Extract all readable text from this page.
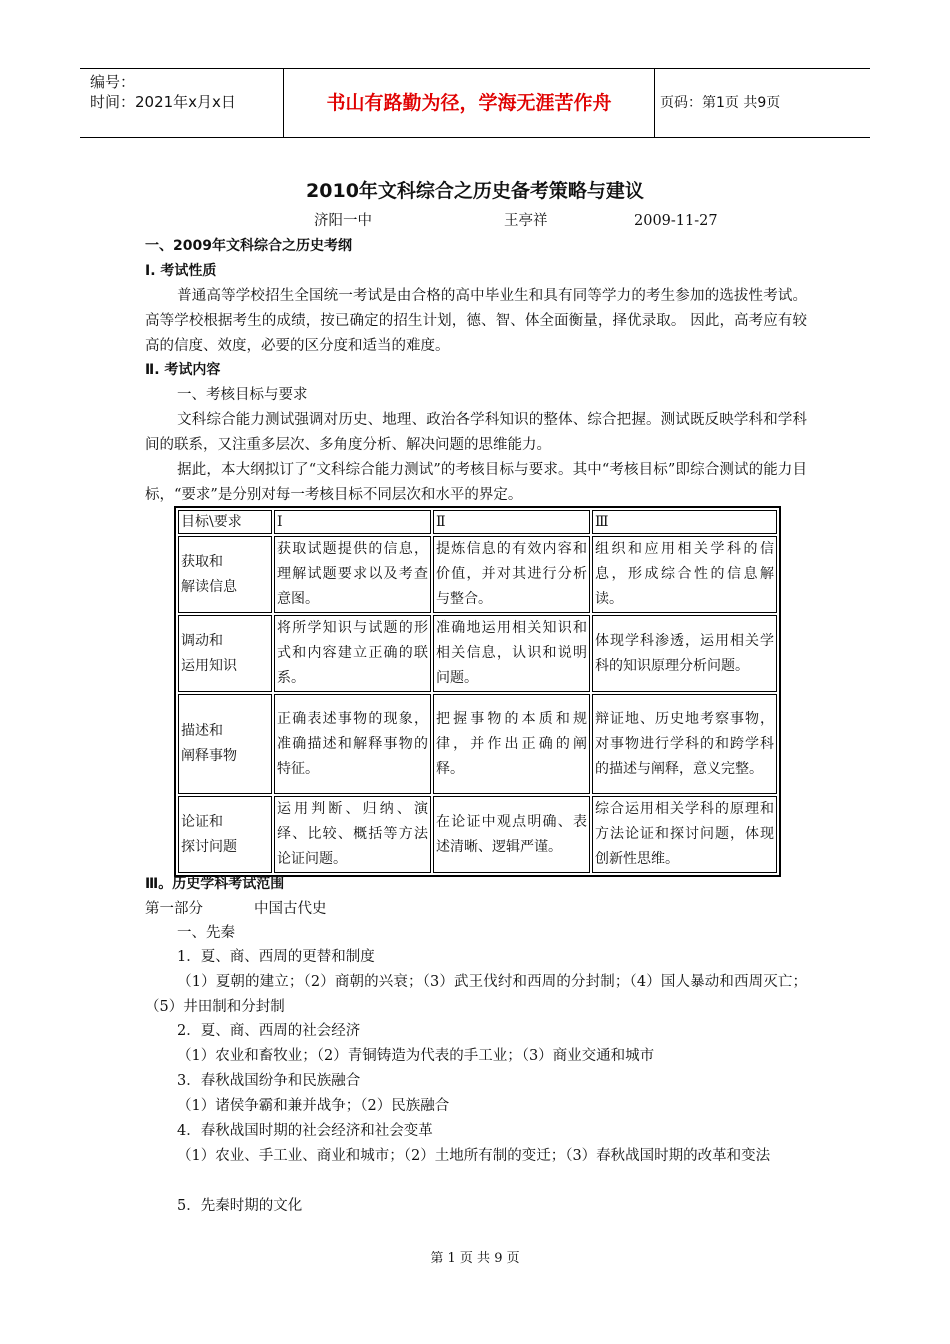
编号：
时间：2021年x月x日	书山有路勤为径，学海无涯苦作舟	页码：第1页 共9页
2010年文科综合之历史备考策略与建议
济阳一中	王亭祥	2009-11-27
一、2009年文科综合之历史考纲
Ⅰ. 考试性质
普通高等学校招生全国统一考试是由合格的高中毕业生和具有同等学力的考生参加的选拔性考试。高等学校根据考生的成绩，按已确定的招生计划，德、智、体全面衡量，择优录取。 因此，高考应有较高的信度、效度，必要的区分度和适当的难度。
Ⅱ. 考试内容
一、考核目标与要求
文科综合能力测试强调对历史、地理、政治各学科知识的整体、综合把握。测试既反映学科和学科间的联系，又注重多层次、多角度分析、解决问题的思维能力。
据此，本大纲拟订了“文科综合能力测试”的考核目标与要求。其中“考核目标”即综合测试的能力目标，“要求”是分别对每一考核目标不同层次和水平的界定。
目标\要求	Ⅰ	Ⅱ	Ⅲ
获取和
解读信息	获取试题提供的信息，理解试题要求以及考查意图。	提炼信息的有效内容和价值，并对其进行分析与整合。	组织和应用相关学科的信息，形成综合性的信息解读。
调动和
运用知识	将所学知识与试题的形式和内容建立正确的联系。	准确地运用相关知识和相关信息，认识和说明问题。	体现学科渗透，运用相关学科的知识原理分析问题。
描述和
阐释事物	正确表述事物的现象，准确描述和解释事物的特征。	把握事物的本质和规律，并作出正确的阐释。	辩证地、历史地考察事物，对事物进行学科的和跨学科的描述与阐释，意义完整。
论证和
探讨问题	运用判断、归纳、演绎、比较、概括等方法论证问题。	在论证中观点明确、表述清晰、逻辑严谨。	综合运用相关学科的原理和方法论证和探讨问题，体现创新性思维。
Ⅲ。历史学科考试范围
第一部分	中国古代史
一、先秦
1．夏、商、西周的更替和制度
（1）夏朝的建立；（2）商朝的兴衰；（3）武王伐纣和西周的分封制；（4）国人暴动和西周灭亡；（5）井田制和分封制
2．夏、商、西周的社会经济
（1）农业和畜牧业；（2）青铜铸造为代表的手工业；（3）商业交通和城市
3．春秋战国纷争和民族融合
（1）诸侯争霸和兼并战争；（2）民族融合
4．春秋战国时期的社会经济和社会变革
（1）农业、手工业、商业和城市；（2）土地所有制的变迁；（3）春秋战国时期的改革和变法
5．先秦时期的文化
第 1 页 共 9 页
